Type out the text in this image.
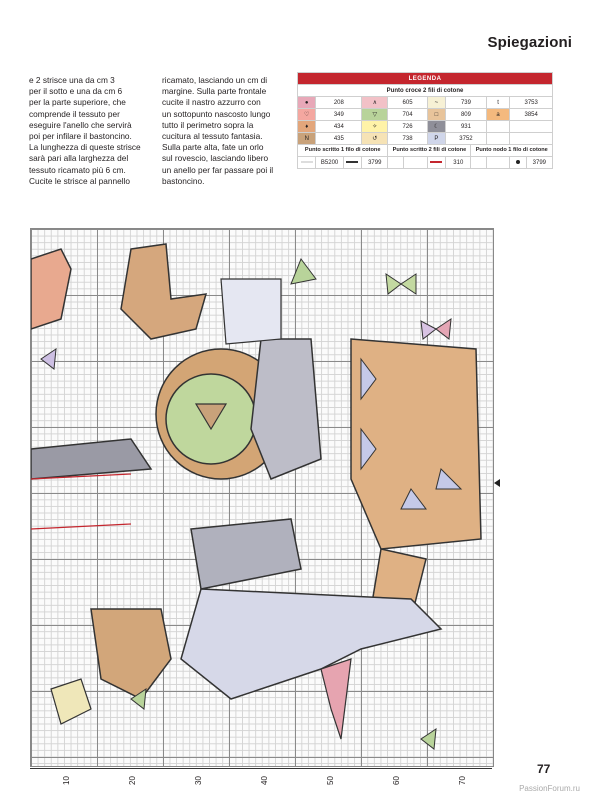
Spiegazioni
e 2 strisce una da cm 3
per il sotto e una da cm 6
per la parte superiore, che
comprende il tessuto per
eseguire l'anello che servirà
poi per infilare il bastoncino.
La lunghezza di queste strisce
sarà pari alla larghezza del
tessuto ricamato più 6 cm.
Cucite le strisce al pannello
ricamato, lasciando un cm di
margine. Sulla parte frontale
cucite il nastro azzurro con
un sottopunto nascosto lungo
tutto il perimetro sopra la
cucitura al tessuto fantasia.
Sulla parte alta, fate un orlo
sul rovescio, lasciando libero
un anello per far passare poi il
bastoncino.
LEGENDA											
Punto croce 2 fili di cotone											
●	208		∧	605		~	739		t	3753
♡	349		▽	704		□	809		a	3854
♦	434		✧	726		☾	931			
N	435		↺	738		P	3752			
Punto scritto 1 filo di cotone				Punto scritto 2 fili di cotone				Punto nodo 1 filo di cotone			
	B5200		3799				310				3799
10	20	30	40	50	60	70
77
PassionForum.ru
